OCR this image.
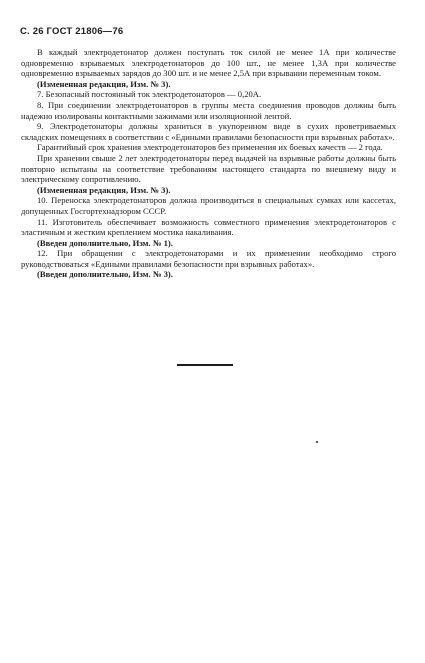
С. 26 ГОСТ 21806—76

В каждый электродетонатор должен поступать ток силой не менее 1А при количестве одновременно взрываемых электродетонаторов до 100 шт., не менее 1,3А при количестве одновременно взрываемых зарядов до 300 шт. и не менее 2,5А при взрывании переменным током.

(Измененная редакция, Изм. № 3).

7. Безопасный постоянный ток электродетонаторов — 0,20А.

8. При соединении электродетонаторов в группы места соединения проводов должны быть надежно изолированы контактными зажимами или изоляционной лентой.

9. Электродетонаторы должны храниться в укупоренном виде в сухих проветриваемых складских помещениях в соответствии с «Едиными правилами безопасности при взрывных работах».

Гарантийный срок хранения электродетонаторов без применения их боевых качеств — 2 года.

При хранении свыше 2 лет электродетонаторы перед выдачей на взрывные работы должны быть повторно испытаны на соответствие требованиям настоящего стандарта по внешнему виду и электрическому сопротивлению.

(Измененная редакция, Изм. № 3).

10. Переноска электродетонаторов должна производиться в специальных сумках или кассетах, допущенных Госгортехнадзором СССР.

11. Изготовитель обеспечивает возможность совместного применения электродетонаторов с эластичным и жестким креплением мостика накаливания.

(Введен дополнительно, Изм. № 1).

12. При обращении с электродетонаторами и их применении необходимо строго руководствоваться «Едиными правилами безопасности при взрывных работах».

(Введен дополнительно, Изм. № 3).
